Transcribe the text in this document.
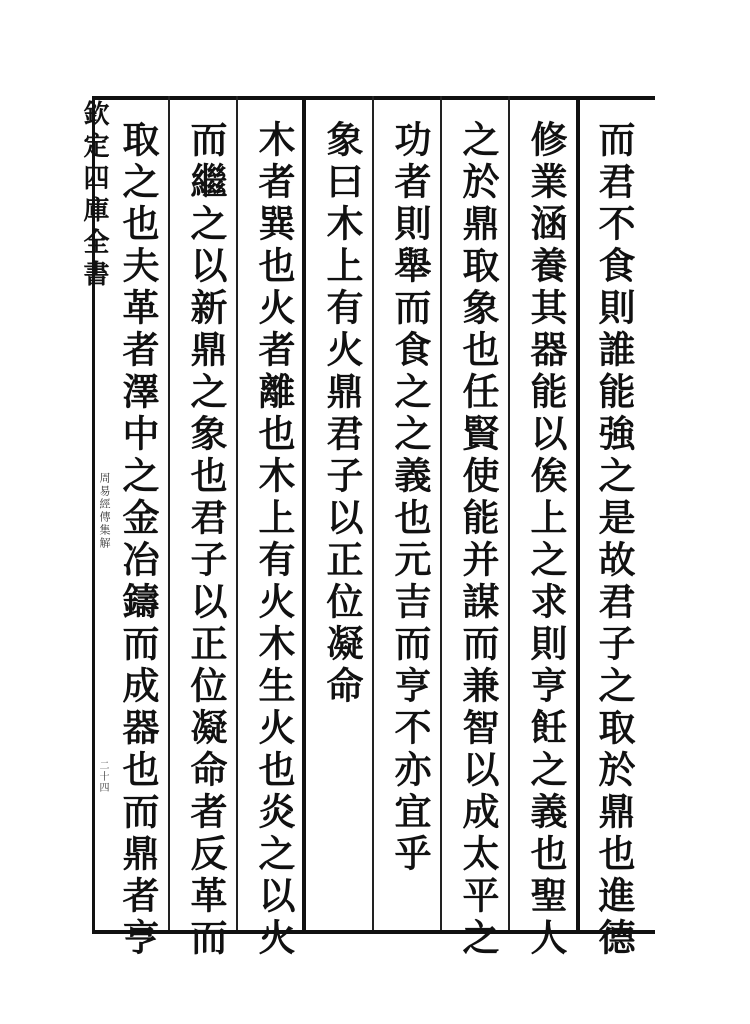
欽定四庫全書
周易經傳集解
二十四	而君不食則誰能強之是故君子之取於鼎也進德
修業涵養其器能以俟上之求則亨飪之義也聖人
之於鼎取象也任賢使能并謀而兼智以成太平之
功者則舉而食之之義也元吉而亨不亦宜乎
象曰木上有火鼎君子以正位凝命
木者巽也火者離也木上有火木生火也炎之以火
而繼之以新鼎之象也君子以正位凝命者反革而
取之也夫革者澤中之金冶鑄而成器也而鼎者亨
